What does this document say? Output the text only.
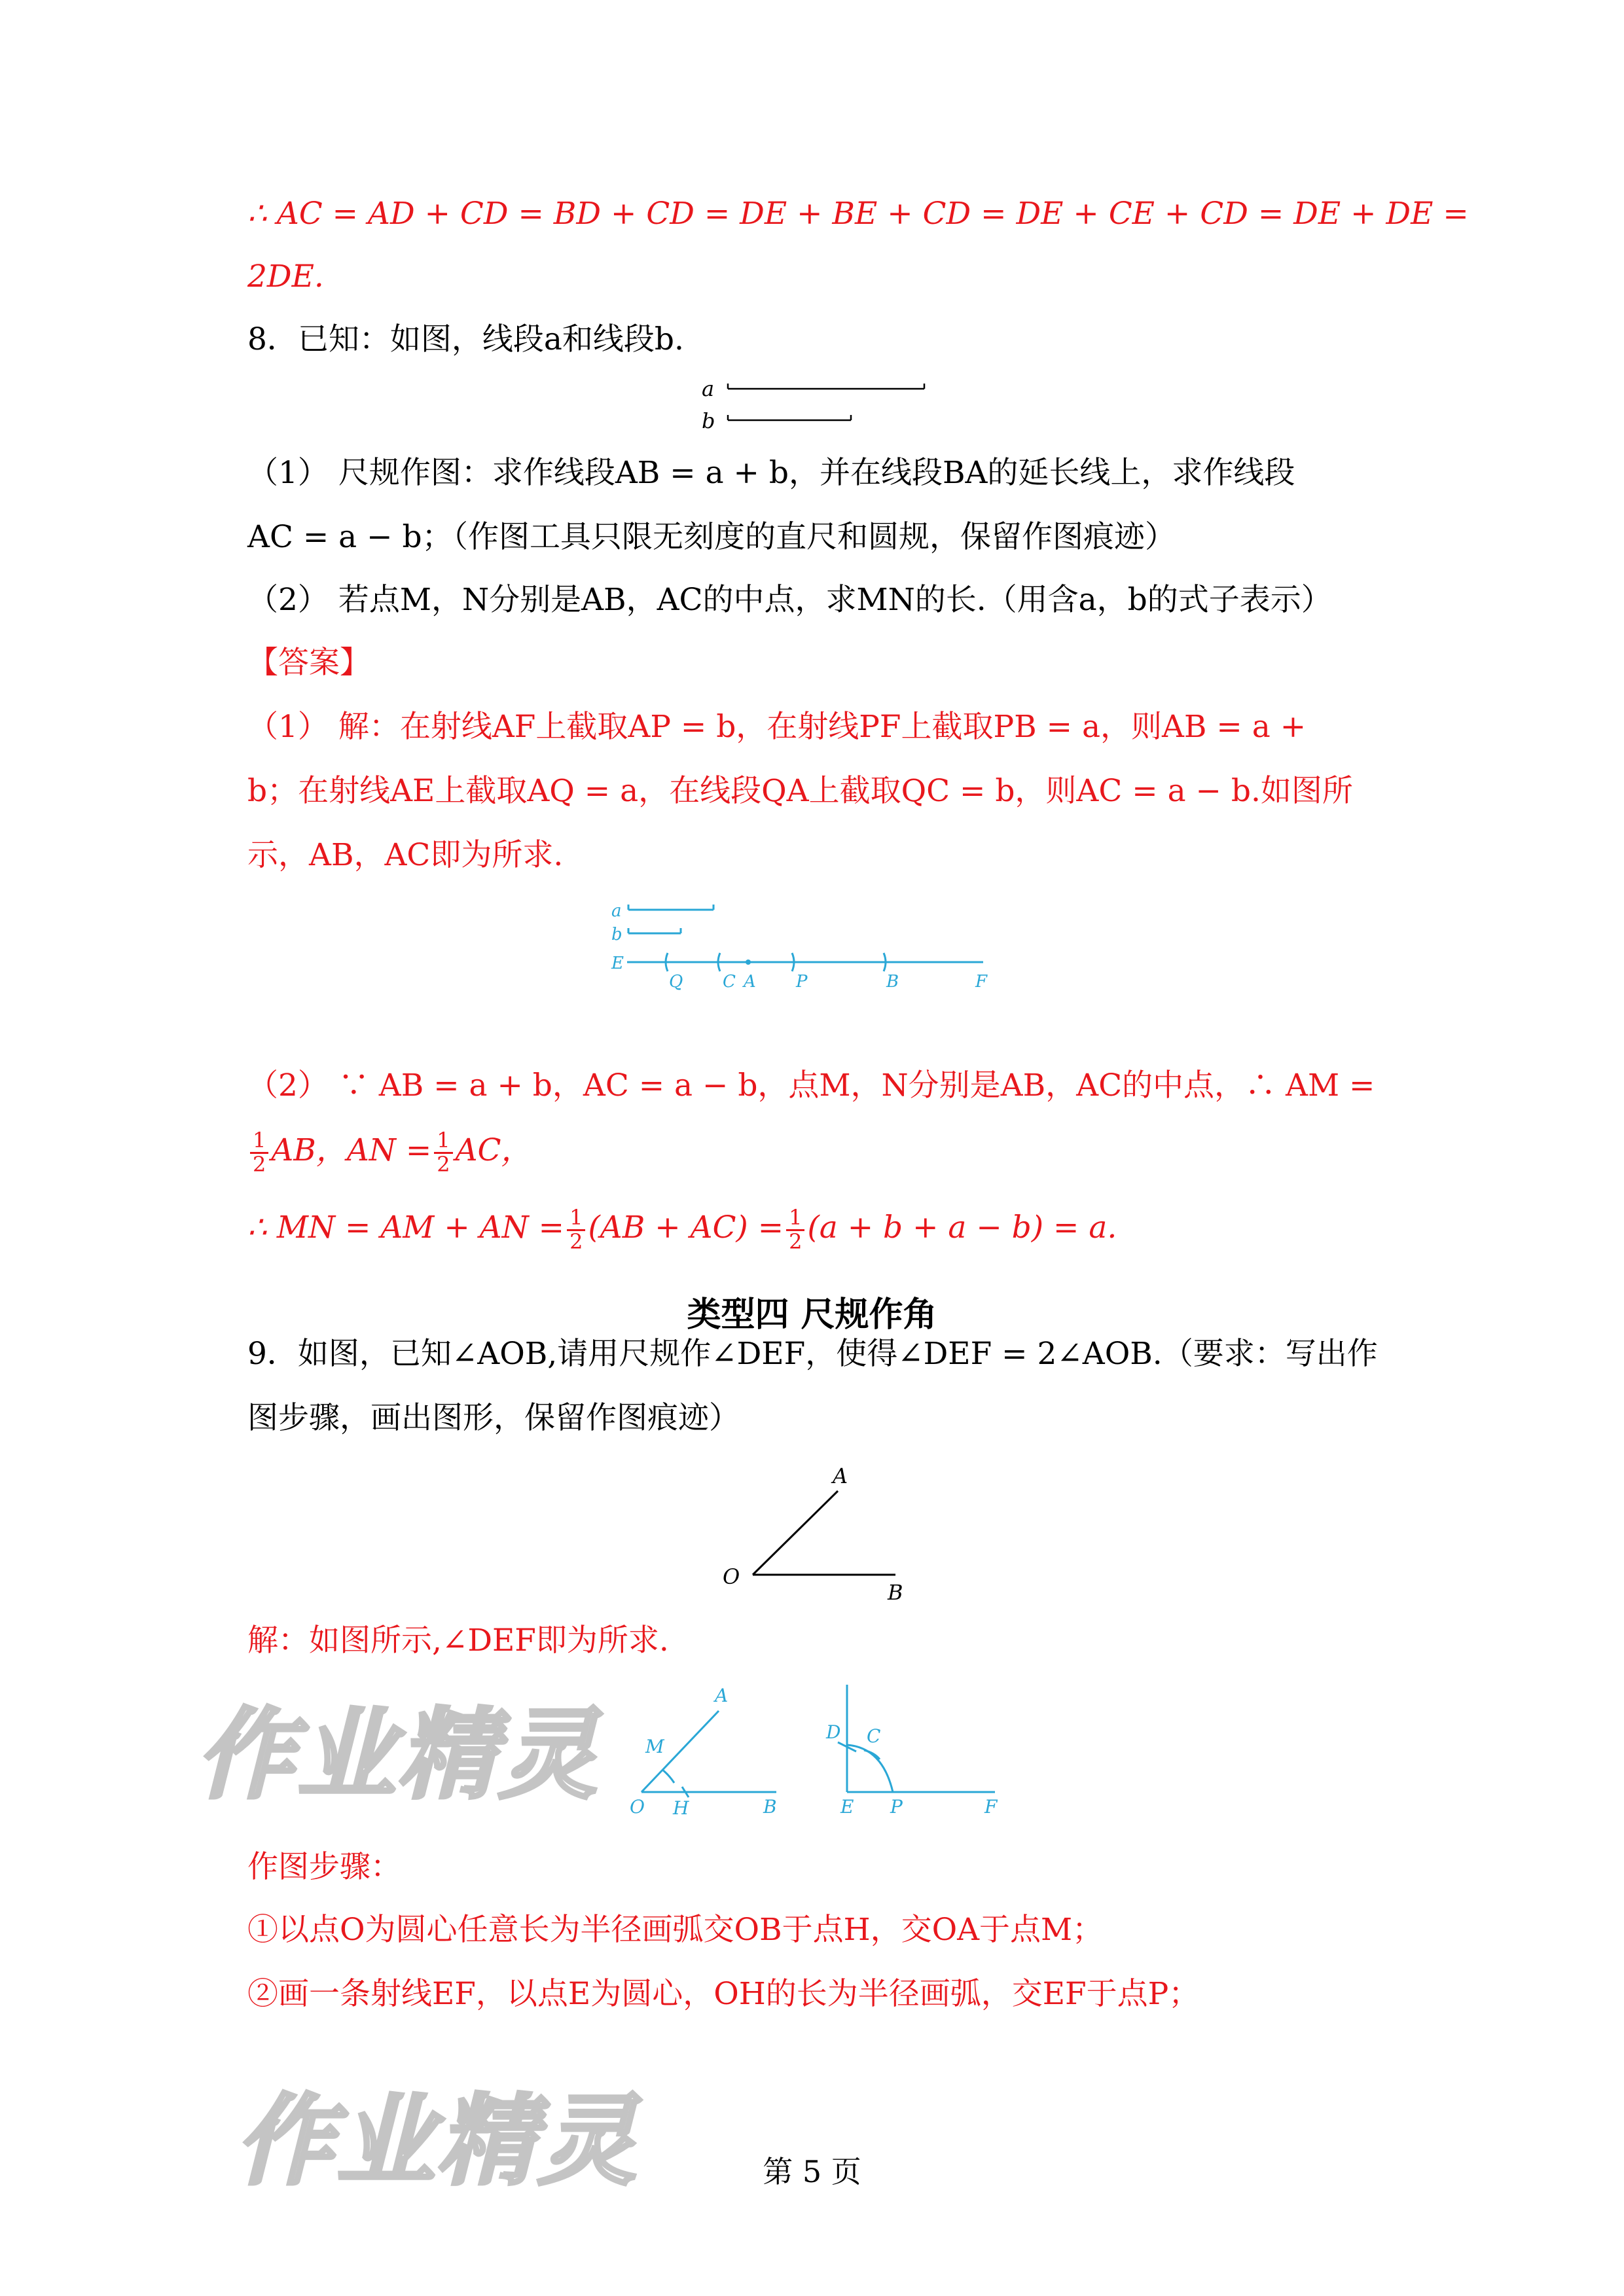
∴ AC = AD + CD = BD + CD = DE + BE + CD = DE + CE + CD = DE + DE =
2DE.
8．已知：如图，线段a和线段b.
a
b
（1） 尺规作图：求作线段AB = a + b，并在线段BA的延长线上，求作线段
AC = a − b；（作图工具只限无刻度的直尺和圆规，保留作图痕迹）
（2） 若点M，N分别是AB，AC的中点，求MN的长.（用含a，b的式子表示）
【答案】
（1） 解：在射线AF上截取AP = b，在射线PF上截取PB = a，则AB = a +
b；在射线AE上截取AQ = a，在线段QA上截取QC = b，则AC = a − b.如图所
示，AB，AC即为所求.
a
b
E
Q C A P	B	F
（2） ∵ AB = a + b，AC = a − b，点M，N分别是AB，AC的中点，∴ AM =
$\frac{1}{2}$ AB，AN = $\frac{1}{2}$ AC，
∴ MN = AM + AN = $\frac{1}{2} (AB + AC) = \frac{1}{2} (a + b + a - b) = a$.
类型四 尺规作角
9．如图，已知∠AOB,请用尺规作∠DEF，使得∠DEF = 2∠AOB.（要求：写出作
图步骤，画出图形，保留作图痕迹）
A
O
B
解：如图所示,∠DEF即为所求.
作业精灵
A
M
O H	B
D C
E P	F
作图步骤：
①以点O为圆心任意长为半径画弧交OB于点H，交OA于点M；
②画一条射线EF，以点E为圆心，OH的长为半径画弧，交EF于点P；
作业精灵	第 5 页
